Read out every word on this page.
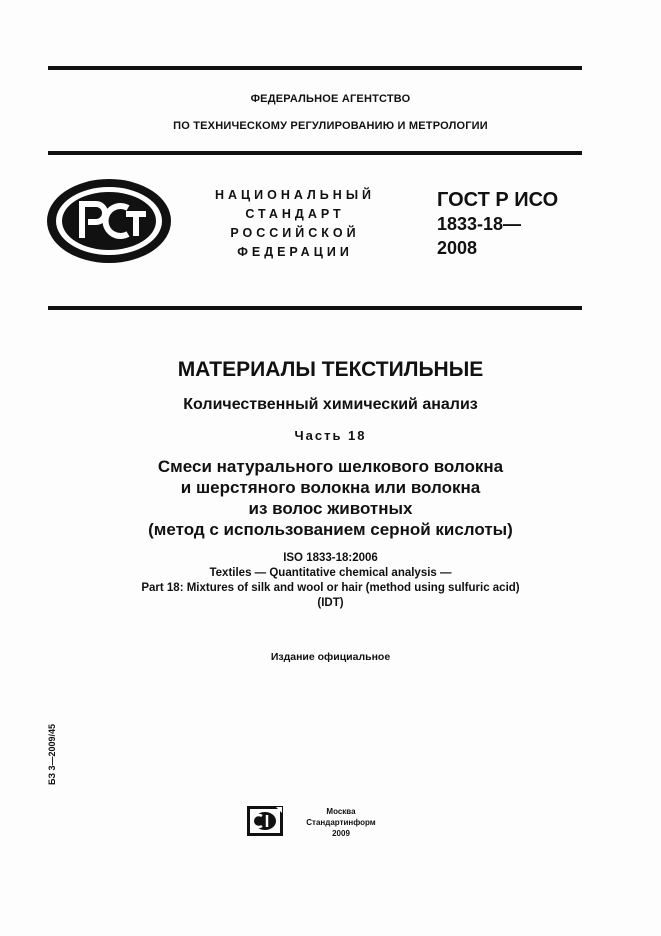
ФЕДЕРАЛЬНОЕ АГЕНТСТВО
ПО ТЕХНИЧЕСКОМУ РЕГУЛИРОВАНИЮ И МЕТРОЛОГИИ
НАЦИОНАЛЬНЫЙ
СТАНДАРТ
РОССИЙСКОЙ
ФЕДЕРАЦИИ
ГОСТ Р ИСО
1833-18—
2008
МАТЕРИАЛЫ ТЕКСТИЛЬНЫЕ
Количественный химический анализ
Часть 18
Смеси натурального шелкового волокна
и шерстяного волокна или волокна
из волос животных
(метод с использованием серной кислоты)
ISO 1833-18:2006
Textiles — Quantitative chemical analysis —
Part 18: Mixtures of silk and wool or hair (method using sulfuric acid)
(IDT)
Издание официальное
БЗ 3—2009/45
Москва
Стандартинформ
2009
